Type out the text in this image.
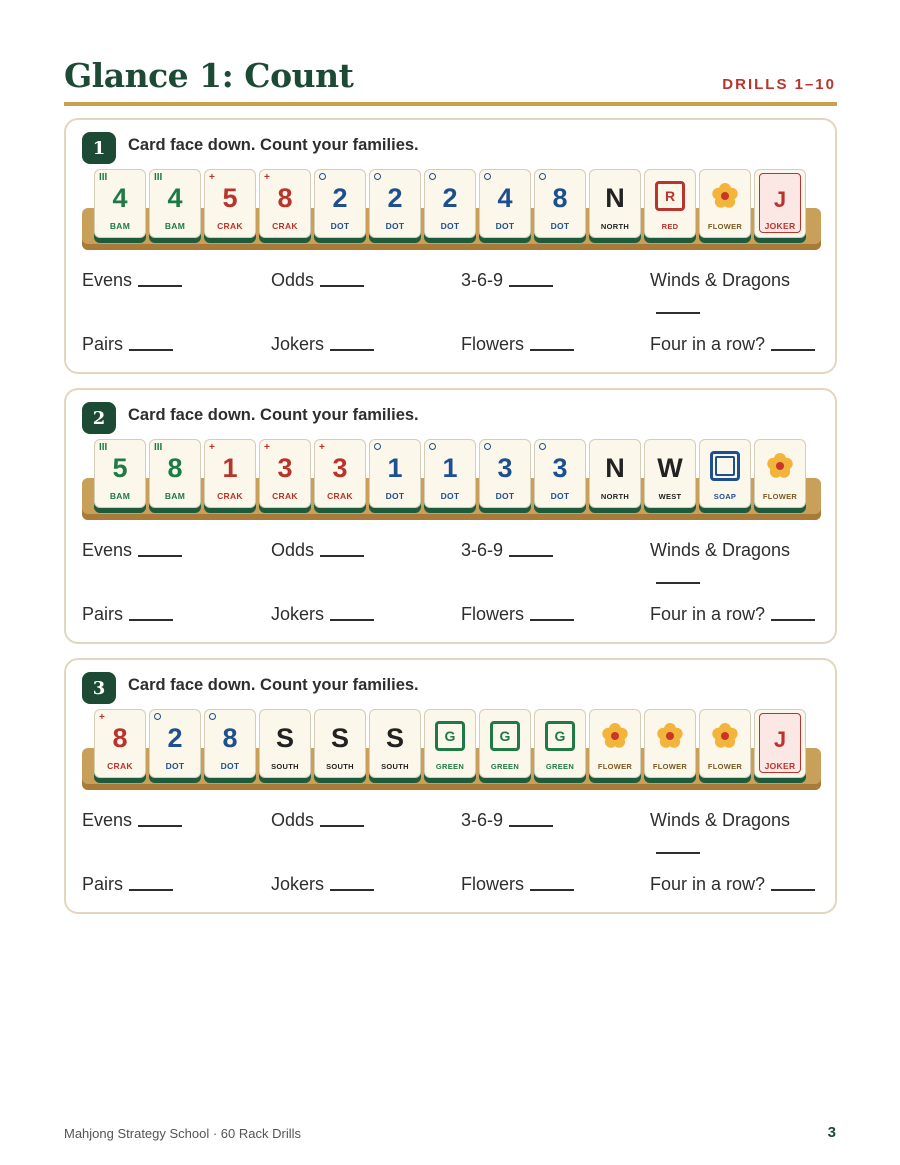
Glance 1: Count	DRILLS 1–10
1	Card face down. Count your families.
III
4
BAM
III
4
BAM
+
5
CRAK
+
8
CRAK
2
DOT
2
DOT
2
DOT
4
DOT
8
DOT
N
NORTH
R
RED	FLOWER
J
JOKER
Evens	Odds	3-6-9	Winds & Dragons
Pairs	Jokers	Flowers	Four in a row?
2	Card face down. Count your families.
III
5
BAM
III
8
BAM
+
1
CRAK
+
3
CRAK
+
3
CRAK
1
DOT
1
DOT
3
DOT
3
DOT
N
NORTH
W
WEST	SOAP	FLOWER
Evens	Odds	3-6-9	Winds & Dragons
Pairs	Jokers	Flowers	Four in a row?
3	Card face down. Count your families.
+
8
CRAK
2
DOT
8
DOT
S
SOUTH
S
SOUTH
S
SOUTH
G
GREEN
G
GREEN
G
GREEN	FLOWER	FLOWER	FLOWER
J
JOKER
Evens	Odds	3-6-9	Winds & Dragons
Pairs	Jokers	Flowers	Four in a row?
Mahjong Strategy School · 60 Rack Drills	3
